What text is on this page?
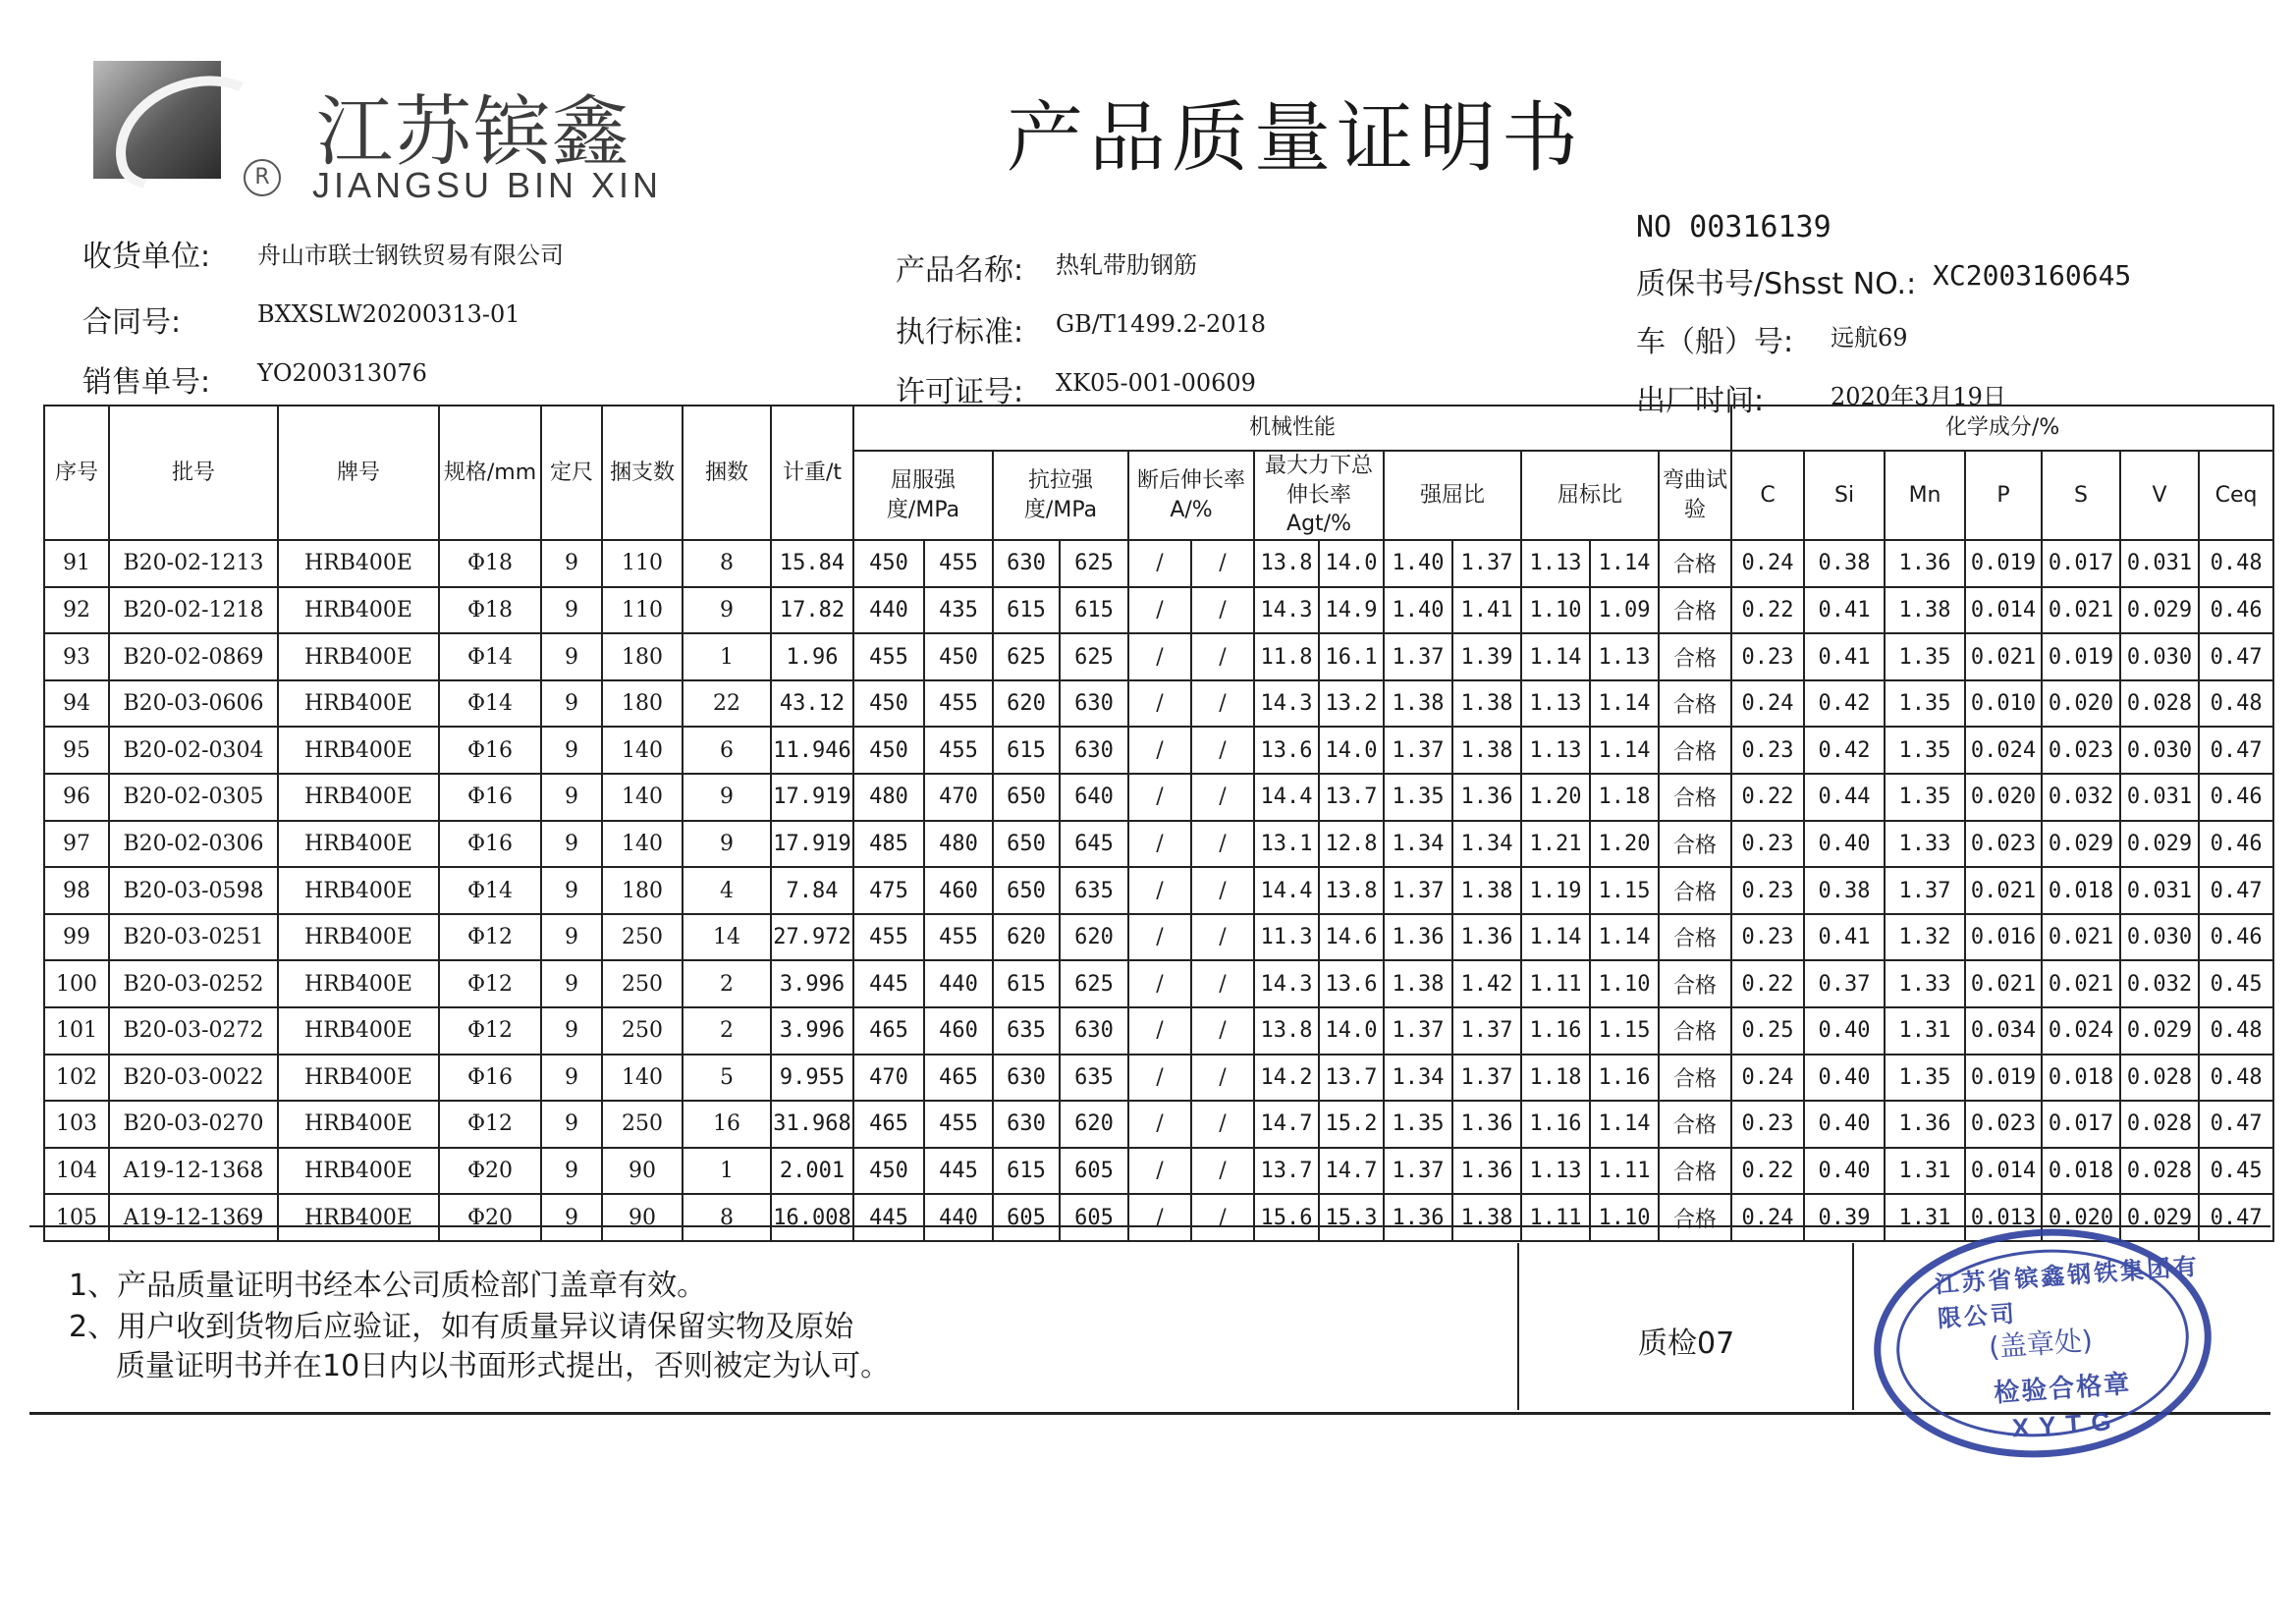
江苏镔鑫
R	JIANGSU BIN XIN
产品质量证明书
收货单位: 舟山市联士钢铁贸易有限公司
合同号:	BXXSLW20200313-01
销售单号: YO200313076
产品名称: 热轧带肋钢筋
执行标准: GB/T1499.2-2018
许可证号: XK05-001-00609
NO 00316139
质保书号/Shsst NO.: XC2003160645
车（船）号: 远航69
出厂时间:	2020年3月19日
序号	批号	牌号	规格/mm	定尺	捆支数	捆数	计重/t	机械性能													化学成分/%						
								屈服强度/MPa		抗拉强度/MPa		断后伸长率A/%		最大力下总伸长率Agt/%		强屈比		屈标比		弯曲试验	C	Si	Mn	P	S	V	Ceq
91	B20-02-1213	HRB400E	Φ18	9	110	8	15.84	450	455	630	625	/	/	13.8	14.0	1.40	1.37	1.13	1.14	合格	0.24	0.38	1.36	0.019	0.017	0.031	0.48
92	B20-02-1218	HRB400E	Φ18	9	110	9	17.82	440	435	615	615	/	/	14.3	14.9	1.40	1.41	1.10	1.09	合格	0.22	0.41	1.38	0.014	0.021	0.029	0.46
93	B20-02-0869	HRB400E	Φ14	9	180	1	1.96	455	450	625	625	/	/	11.8	16.1	1.37	1.39	1.14	1.13	合格	0.23	0.41	1.35	0.021	0.019	0.030	0.47
94	B20-03-0606	HRB400E	Φ14	9	180	22	43.12	450	455	620	630	/	/	14.3	13.2	1.38	1.38	1.13	1.14	合格	0.24	0.42	1.35	0.010	0.020	0.028	0.48
95	B20-02-0304	HRB400E	Φ16	9	140	6	11.946	450	455	615	630	/	/	13.6	14.0	1.37	1.38	1.13	1.14	合格	0.23	0.42	1.35	0.024	0.023	0.030	0.47
96	B20-02-0305	HRB400E	Φ16	9	140	9	17.919	480	470	650	640	/	/	14.4	13.7	1.35	1.36	1.20	1.18	合格	0.22	0.44	1.35	0.020	0.032	0.031	0.46
97	B20-02-0306	HRB400E	Φ16	9	140	9	17.919	485	480	650	645	/	/	13.1	12.8	1.34	1.34	1.21	1.20	合格	0.23	0.40	1.33	0.023	0.029	0.029	0.46
98	B20-03-0598	HRB400E	Φ14	9	180	4	7.84	475	460	650	635	/	/	14.4	13.8	1.37	1.38	1.19	1.15	合格	0.23	0.38	1.37	0.021	0.018	0.031	0.47
99	B20-03-0251	HRB400E	Φ12	9	250	14	27.972	455	455	620	620	/	/	11.3	14.6	1.36	1.36	1.14	1.14	合格	0.23	0.41	1.32	0.016	0.021	0.030	0.46
100	B20-03-0252	HRB400E	Φ12	9	250	2	3.996	445	440	615	625	/	/	14.3	13.6	1.38	1.42	1.11	1.10	合格	0.22	0.37	1.33	0.021	0.021	0.032	0.45
101	B20-03-0272	HRB400E	Φ12	9	250	2	3.996	465	460	635	630	/	/	13.8	14.0	1.37	1.37	1.16	1.15	合格	0.25	0.40	1.31	0.034	0.024	0.029	0.48
102	B20-03-0022	HRB400E	Φ16	9	140	5	9.955	470	465	630	635	/	/	14.2	13.7	1.34	1.37	1.18	1.16	合格	0.24	0.40	1.35	0.019	0.018	0.028	0.48
103	B20-03-0270	HRB400E	Φ12	9	250	16	31.968	465	455	630	620	/	/	14.7	15.2	1.35	1.36	1.16	1.14	合格	0.23	0.40	1.36	0.023	0.017	0.028	0.47
104	A19-12-1368	HRB400E	Φ20	9	90	1	2.001	450	445	615	605	/	/	13.7	14.7	1.37	1.36	1.13	1.11	合格	0.22	0.40	1.31	0.014	0.018	0.028	0.45
105	A19-12-1369	HRB400E	Φ20	9	90	8	16.008	445	440	605	605	/	/	15.6	15.3	1.36	1.38	1.11	1.10	合格	0.24	0.39	1.31	0.013	0.020	0.029	0.47
1、产品质量证明书经本公司质检部门盖章有效。
2、用户收到货物后应验证，如有质量异议请保留实物及原始
质量证明书并在10日内以书面形式提出，否则被定为认可。
质检07
江苏省镔鑫钢铁集团有限公司
(盖章处)
检验合格章
XYTG
